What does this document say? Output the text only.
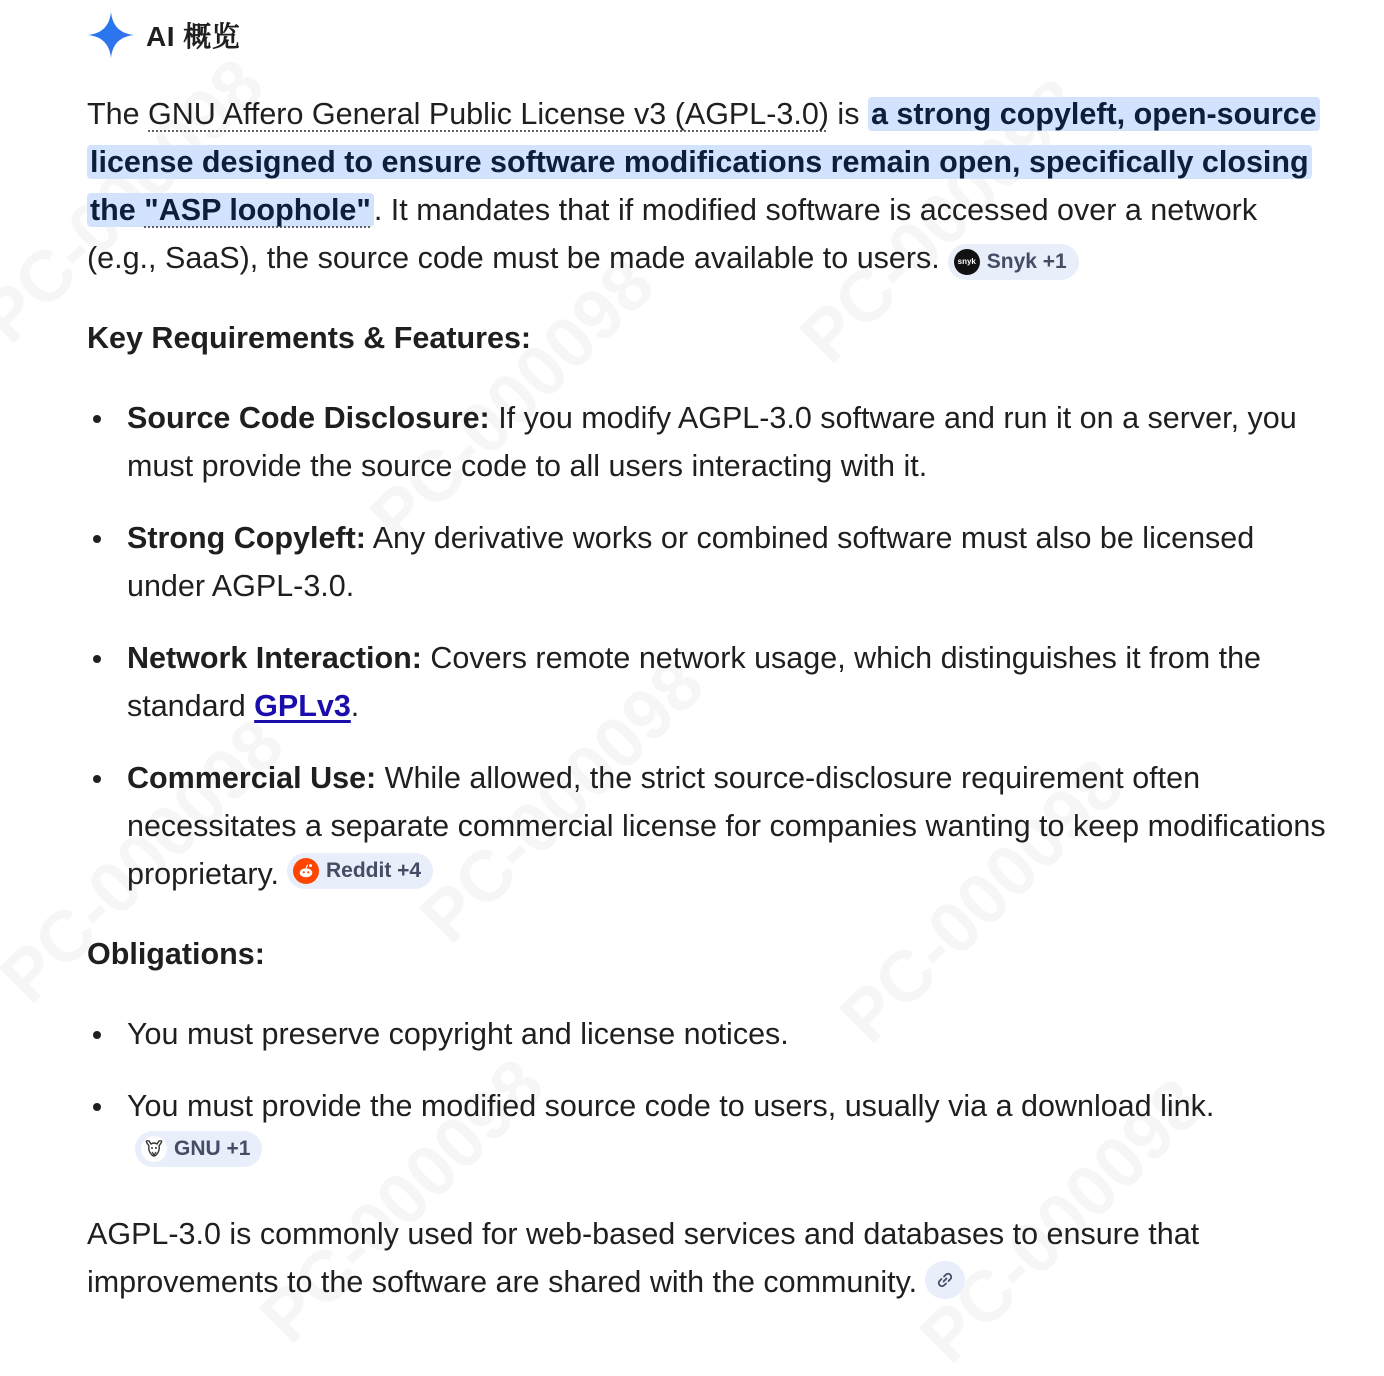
AI 概览

The GNU Affero General Public License v3 (AGPL-3.0) is a strong copyleft, open-source license designed to ensure software modifications remain open, specifically closing the "ASP loophole". It mandates that if modified software is accessed over a network (e.g., SaaS), the source code must be made available to users. snyk Snyk +1

Key Requirements & Features:
Source Code Disclosure: If you modify AGPL-3.0 software and run it on a server, you must provide the source code to all users interacting with it.
Strong Copyleft: Any derivative works or combined software must also be licensed under AGPL-3.0.
Network Interaction: Covers remote network usage, which distinguishes it from the standard GPLv3.
Commercial Use: While allowed, the strict source-disclosure requirement often necessitates a separate commercial license for companies wanting to keep modifications proprietary. Reddit +4
Obligations:
You must preserve copyright and license notices.
You must provide the modified source code to users, usually via a download link.
GNU +1

AGPL-3.0 is commonly used for web-based services and databases to ensure that improvements to the software are shared with the community.
